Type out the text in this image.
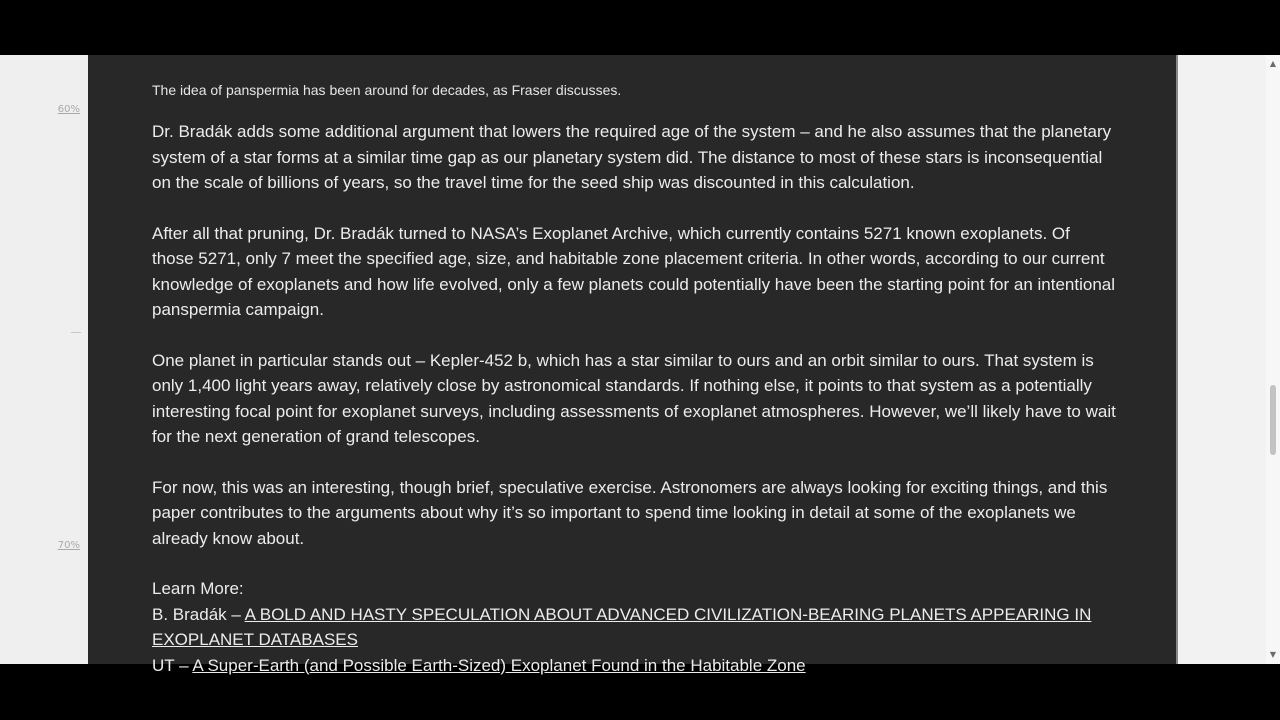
60%
70%

The idea of panspermia has been around for decades, as Fraser discusses.

Dr. Bradák adds some additional argument that lowers the required age of the system – and he also assumes that the planetary system of a star forms at a similar time gap as our planetary system did. The distance to most of these stars is inconsequential on the scale of billions of years, so the travel time for the seed ship was discounted in this calculation.

After all that pruning, Dr. Bradák turned to NASA’s Exoplanet Archive, which currently contains 5271 known exoplanets. Of those 5271, only 7 meet the specified age, size, and habitable zone placement criteria. In other words, according to our current knowledge of exoplanets and how life evolved, only a few planets could potentially have been the starting point for an intentional panspermia campaign.

One planet in particular stands out – Kepler-452 b, which has a star similar to ours and an orbit similar to ours. That system is only 1,400 light years away, relatively close by astronomical standards. If nothing else, it points to that system as a potentially interesting focal point for exoplanet surveys, including assessments of exoplanet atmospheres. However, we’ll likely have to wait for the next generation of grand telescopes.

For now, this was an interesting, though brief, speculative exercise. Astronomers are always looking for exciting things, and this paper contributes to the arguments about why it’s so important to spend time looking in detail at some of the exoplanets we already know about.

Learn More:

B. Bradák – A BOLD AND HASTY SPECULATION ABOUT ADVANCED CIVILIZATION-BEARING PLANETS APPEARING IN EXOPLANET DATABASES

UT – A Super-Earth (and Possible Earth-Sized) Exoplanet Found in the Habitable Zone

▲
▼
